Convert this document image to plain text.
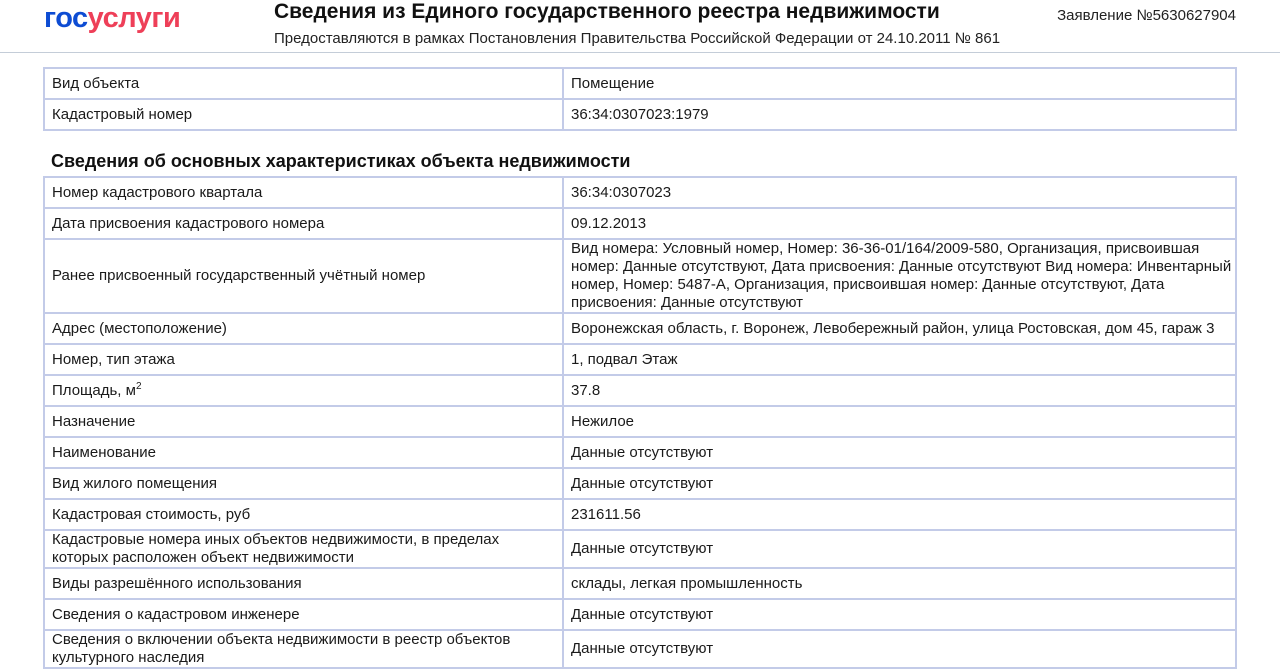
госуслуги	Сведения из Единого государственного реестра недвижимости
Предоставляются в рамках Постановления Правительства Российской Федерации от 24.10.2011 № 861
Заявление №5630627904
Вид объекта	Помещение
Кадастровый номер	36:34:0307023:1979
Сведения об основных характеристиках объекта недвижимости
Номер кадастрового квартала	36:34:0307023
Дата присвоения кадастрового номера	09.12.2013
Ранее присвоенный государственный учётный номер	Вид номера: Условный номер, Номер: 36-36-01/164/2009-580, Организация, присвоившая номер: Данные отсутствуют, Дата присвоения: Данные отсутствуют Вид номера: Инвентарный номер, Номер: 5487-А, Организация, присвоившая номер: Данные отсутствуют, Дата присвоения: Данные отсутствуют
Адрес (местоположение)	Воронежская область, г. Воронеж, Левобережный район, улица Ростовская, дом 45, гараж 3
Номер, тип этажа	1, подвал Этаж
Площадь, $м^2$	37.8
Назначение	Нежилое
Наименование	Данные отсутствуют
Вид жилого помещения	Данные отсутствуют
Кадастровая стоимость, руб	231611.56
Кадастровые номера иных объектов недвижимости, в пределах которых расположен объект недвижимости	Данные отсутствуют
Виды разрешённого использования	склады, легкая промышленность
Сведения о кадастровом инженере	Данные отсутствуют
Сведения о включении объекта недвижимости в реестр объектов культурного наследия	Данные отсутствуют
